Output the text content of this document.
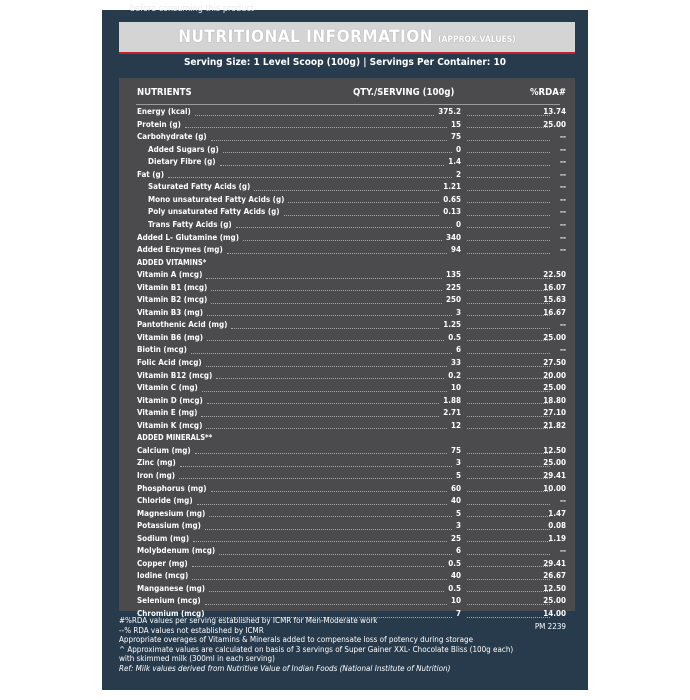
before consuming this product
NUTRITIONAL INFORMATION (APPROX.VALUES)
Serving Size: 1 Level Scoop (100g) | Servings Per Container: 10
NUTRIENTS	QTY./SERVING (100g)	%RDA#
Energy (kcal)	375.2	13.74
Protein (g)	15	25.00
Carbohydrate (g)	75	--
Added Sugars (g)	0	--
Dietary Fibre (g)	1.4	--
Fat (g)	2	--
Saturated Fatty Acids (g)	1.21	--
Mono unsaturated Fatty Acids (g)	0.65	--
Poly unsaturated Fatty Acids (g)	0.13	--
Trans Fatty Acids (g)	0	--
Added L- Glutamine (mg)	340	--
Added Enzymes (mg)	94	--
ADDED VITAMINS*
Vitamin A (mcg)	135	22.50
Vitamin B1 (mcg)	225	16.07
Vitamin B2 (mcg)	250	15.63
Vitamin B3 (mg)	3	16.67
Pantothenic Acid (mg)	1.25	--
Vitamin B6 (mg)	0.5	25.00
Biotin (mcg)	6	--
Folic Acid (mcg)	33	27.50
Vitamin B12 (mcg)	0.2	20.00
Vitamin C (mg)	10	25.00
Vitamin D (mcg)	1.88	18.80
Vitamin E (mg)	2.71	27.10
Vitamin K (mcg)	12	21.82
ADDED MINERALS**
Calcium (mg)	75	12.50
Zinc (mg)	3	25.00
Iron (mg)	5	29.41
Phosphorus (mg)	60	10.00
Chloride (mg)	40	--
Magnesium (mg)	5	1.47
Potassium (mg)	3	0.08
Sodium (mg)	25	1.19
Molybdenum (mcg)	6	--
Copper (mg)	0.5	29.41
Iodine (mcg)	40	26.67
Manganese (mg)	0.5	12.50
Selenium (mcg)	10	25.00
Chromium (mcg)	7	14.00
#%RDA values per serving established by ICMR for Men-Moderate work
--% RDA values not established by ICMR
Appropriate overages of Vitamins & Minerals added to compensate loss of potency during storage
^ Approximate values are calculated on basis of 3 servings of Super Gainer XXL- Chocolate Bliss (100g each)
with skimmed milk (300ml in each serving)
Ref: Milk values derived from Nutritive Value of Indian Foods (National Institute of Nutrition)
PM 2239
